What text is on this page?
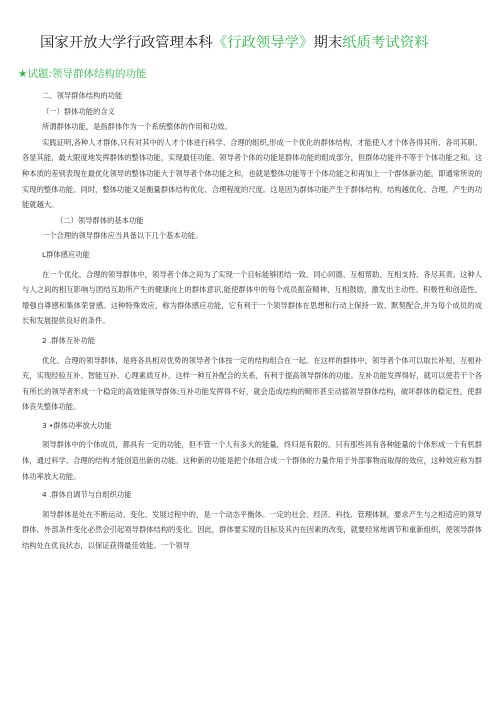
国家开放大学行政管理本科《行政领导学》期末纸质考试资料
★试题:领导群体结构的功能

二、领导群体结构的功能

（一）群体功能的含义

所谓群体功能，是指群体作为一个系统整体的作用和功效。

实践证明,各种人才群体,只有对其中的人才个体进行科学、合理的组织,形成一个优化的群体结构，才能使人才个体各得其所、各司其职、各显其能，最大限度地发挥群体的整体功能，实现最佳功能。领导者个体的功能是群体功能的组成部分，但群体功能并不等于个体功能之和。这种本质的差别表现在最优化领导的整体功能大于领导者个体功能之和，也就是整体功能等于个体功能之和再加上一个群体新功能，即通常所说的实现的整体功能。同时，整体功能又是衡量群体结构优化、合理程度的尺度。这是因为群体功能产生于群体结构，结构越优化、合理，产生的功能就越大。

（二）领导群体的基本功能

一个合理的领导群体应当具备以下几个基本功能。

L群体感应功能

在一个优化、合理的领导群体中，领导者个体之间为了实现一个目标能够团结一致、同心同德、互相帮助、互相支持、各尽其责。这种人与人之间的相互影响与团结互助所产生的健康向上的群体意识,能使群体中的每个成员振奋精神，互相鼓励，激发出主动性、积极性和创造性，增强自尊感和集体荣誉感。这种特殊效应，称为群体感应功能，它有利于一个领导群体在思想和行动上保持一致、默契配合,并为每个成员的成长和发展提供良好的条件。

2 .群体互补功能

优化、合理的领导群体，是将各具相对优势的领导者个体按一定的结构组合在一起。在这样的群体中，领导者个体可以取长补短，互相补充，实现经验互补、智能互补、心理素质互补。这样一种互补配合的关系，有利于提高领导群体的功能。互补功能发挥得好，就可以使若干个各有所长的领导者形成一个稳定的高效能领导群体;互补功能发挥得不好，就会造成结构的畸形甚至动摇领导群体结构，破坏群体的稳定性，使群体丧失整体功能。

3 •群体功率放大功能

领导群体中的个体成员，都具有一定的功能，但不管一个人有多大的能量，终归是有限的。只有那些具有各种能量的个体形成一个有机群体，通过科学、合理的结构才能创造出新的功能。这种新的功能是把个体组合成一个群体的力量作用于外部事物而取得的效应，这种效应称为群体功率放大功能。

4 .群体自调节与自组织功能

领导群体是处在不断运动、变化、发展过程中的，是一个动态平衡体。一定的社会、经济、科技、管理体制，要求产生与之相适应的领导群体。外部条件变化必然会引起领导群体结构的变化。因此，群体要实现的目标及其内在因素的改变，就要经常地调节和重新组织，使领导群体结构处在优良状态，以保证获得最佳效能。一个领导
